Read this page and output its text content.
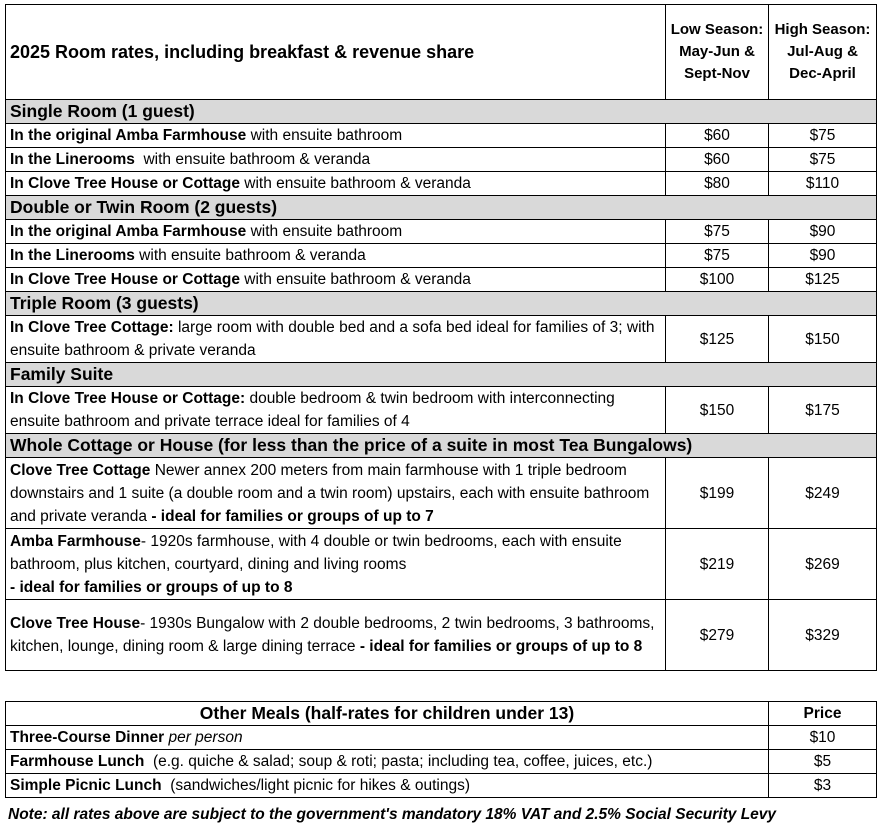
2025 Room rates, including breakfast & revenue share	Low Season:
May-Jun &
Sept-Nov	High Season:
Jul-Aug &
Dec-April
Single Room (1 guest)		
In the original Amba Farmhouse with ensuite bathroom	$60	$75
In the Linerooms  with ensuite bathroom & veranda	$60	$75
In Clove Tree House or Cottage with ensuite bathroom & veranda	$80	$110
Double or Twin Room (2 guests)		
In the original Amba Farmhouse with ensuite bathroom	$75	$90
In the Linerooms with ensuite bathroom & veranda	$75	$90
In Clove Tree House or Cottage with ensuite bathroom & veranda	$100	$125
Triple Room (3 guests)		
In Clove Tree Cottage: large room with double bed and a sofa bed ideal for families of 3; with ensuite bathroom & private veranda	$125	$150
Family Suite		
In Clove Tree House or Cottage: double bedroom & twin bedroom with interconnecting ensuite bathroom and private terrace ideal for families of 4	$150	$175
Whole Cottage or House (for less than the price of a suite in most Tea Bungalows)		
Clove Tree Cottage Newer annex 200 meters from main farmhouse with 1 triple bedroom downstairs and 1 suite (a double room and a twin room) upstairs, each with ensuite bathroom and private veranda - ideal for families or groups of up to 7	$199	$249
Amba Farmhouse- 1920s farmhouse, with 4 double or twin bedrooms, each with ensuite bathroom, plus kitchen, courtyard, dining and living rooms
- ideal for families or groups of up to 8	$219	$269
Clove Tree House- 1930s Bungalow with 2 double bedrooms, 2 twin bedrooms, 3 bathrooms, kitchen, lounge, dining room & large dining terrace - ideal for families or groups of up to 8	$279	$329
Other Meals (half-rates for children under 13)	Price
Three-Course Dinner per person	$10
Farmhouse Lunch  (e.g. quiche & salad; soup & roti; pasta; including tea, coffee, juices, etc.)	$5
Simple Picnic Lunch  (sandwiches/light picnic for hikes & outings)	$3
Note: all rates above are subject to the government's mandatory 18% VAT and 2.5% Social Security Levy
